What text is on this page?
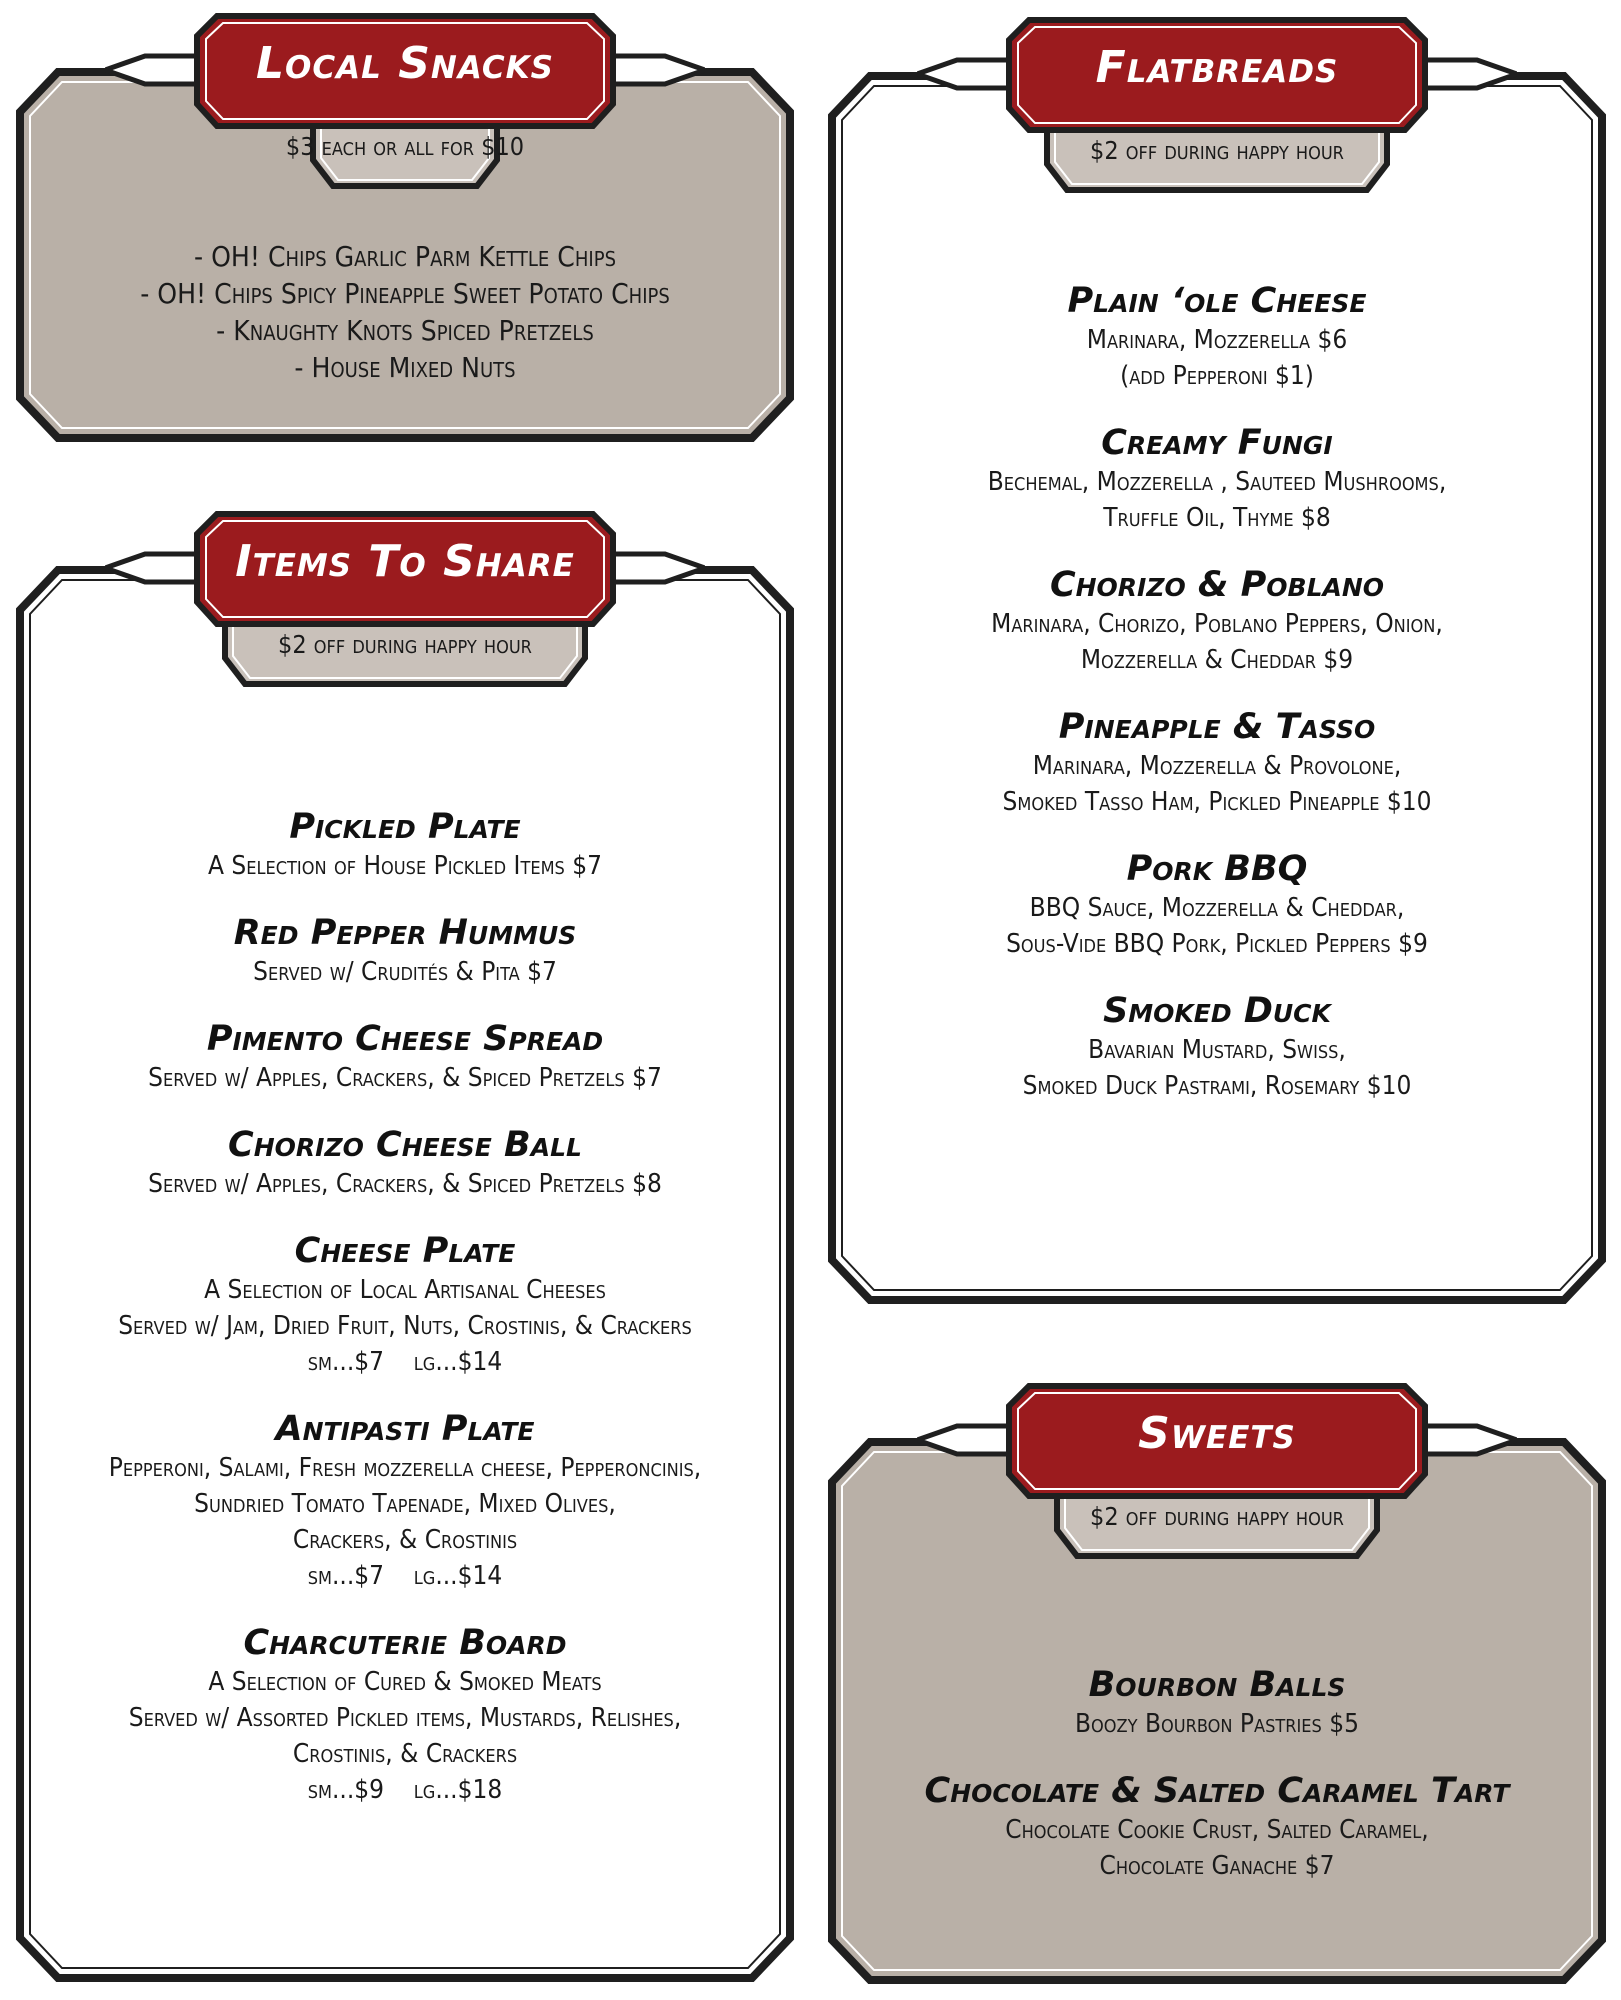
Local Snacks
$3 each or all for $10
- OH! Chips Garlic Parm Kettle Chips
- OH! Chips Spicy Pineapple Sweet Potato Chips
- Knaughty Knots Spiced Pretzels
- House Mixed Nuts
Items To Share
$2 off during happy hour
Pickled Plate
A Selection of House Pickled Items $7
Red Pepper Hummus
Served w/ Crudités & Pita $7
Pimento Cheese Spread
Served w/ Apples, Crackers, & Spiced Pretzels $7
Chorizo Cheese Ball
Served w/ Apples, Crackers, & Spiced Pretzels $8
Cheese Plate
A Selection of Local Artisanal Cheeses
Served w/ Jam, Dried Fruit, Nuts, Crostinis, & Crackers
sm...$7    lg...$14
Antipasti Plate
Pepperoni, Salami, Fresh mozzerella cheese, Pepperoncinis,
Sundried Tomato Tapenade, Mixed Olives,
Crackers, & Crostinis
sm...$7    lg...$14
Charcuterie Board
A Selection of Cured & Smoked Meats
Served w/ Assorted Pickled items, Mustards, Relishes,
Crostinis, & Crackers
sm...$9    lg...$18
Flatbreads
$2 off during happy hour
Plain ‘ole Cheese
Marinara, Mozzerella $6
(add Pepperoni $1)
Creamy Fungi
Bechemal, Mozzerella , Sauteed Mushrooms,
Truffle Oil, Thyme $8
Chorizo & Poblano
Marinara, Chorizo, Poblano Peppers, Onion,
Mozzerella & Cheddar $9
Pineapple & Tasso
Marinara, Mozzerella & Provolone,
Smoked Tasso Ham, Pickled Pineapple $10
Pork BBQ
BBQ Sauce, Mozzerella & Cheddar,
Sous-Vide BBQ Pork, Pickled Peppers $9
Smoked Duck
Bavarian Mustard, Swiss,
Smoked Duck Pastrami, Rosemary $10
Sweets
$2 off during happy hour
Bourbon Balls
Boozy Bourbon Pastries $5
Chocolate & Salted Caramel Tart
Chocolate Cookie Crust, Salted Caramel,
Chocolate Ganache $7
